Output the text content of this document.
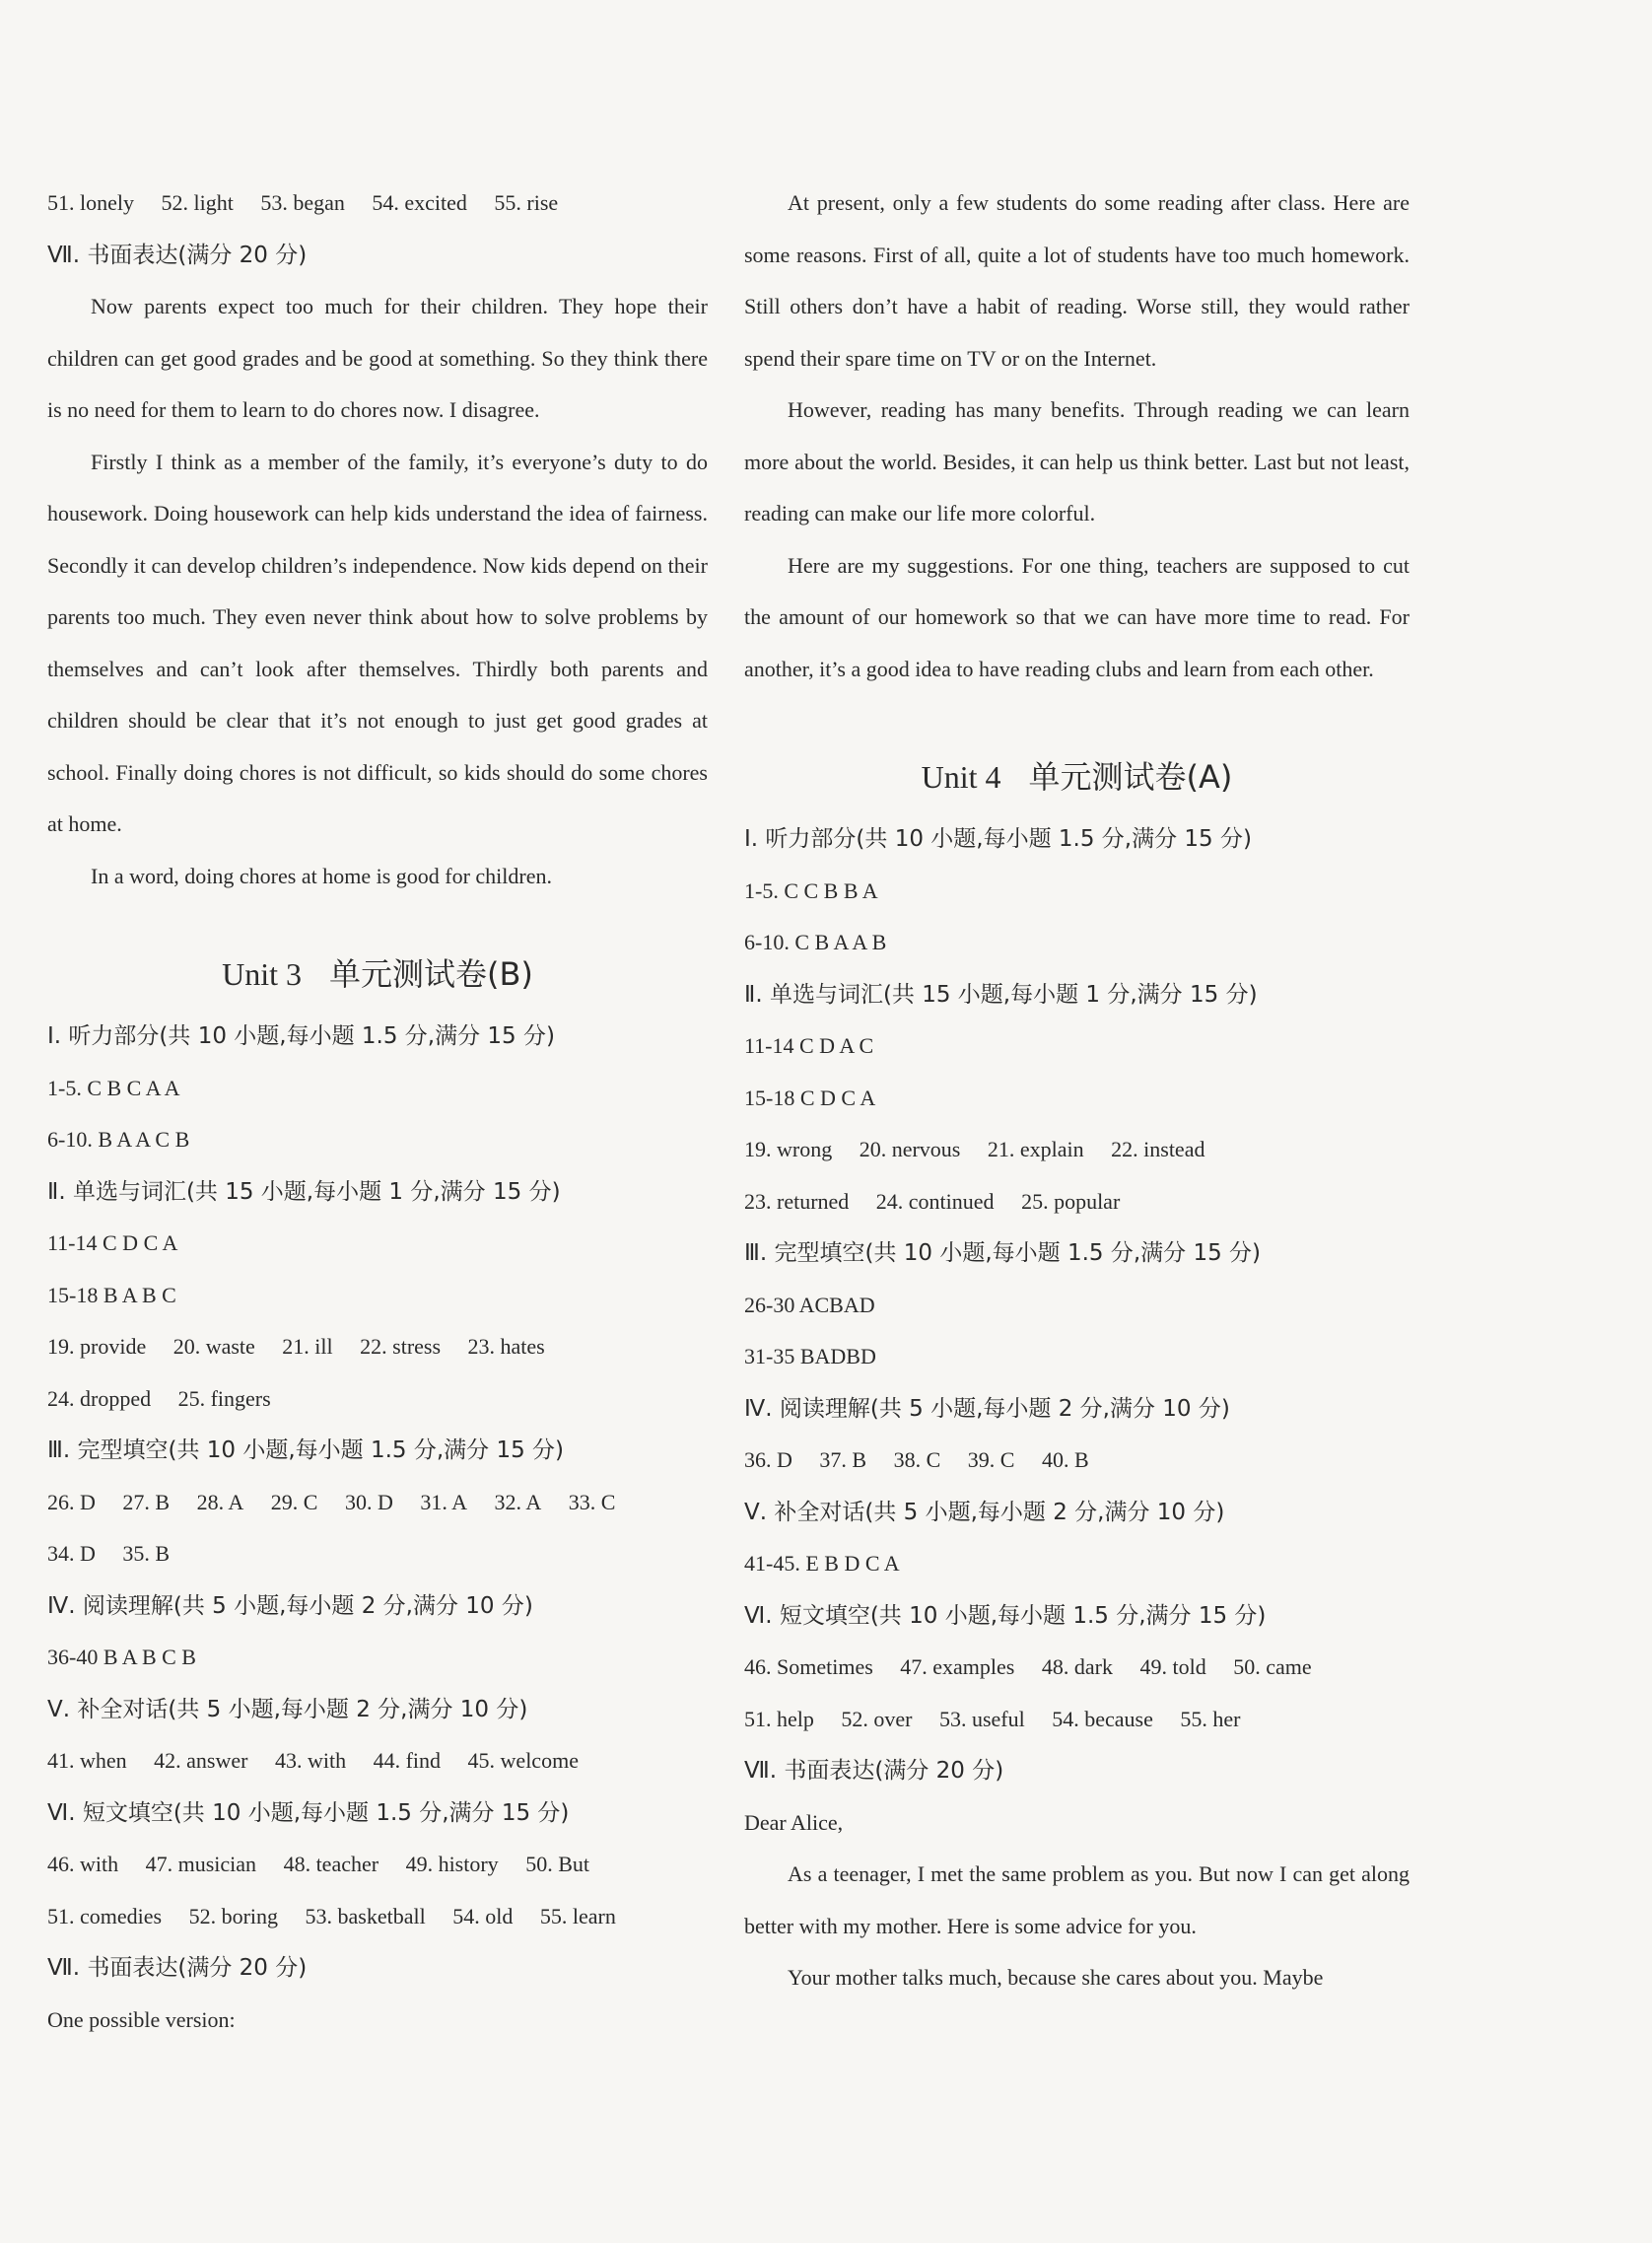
51. lonely 52. light 53. began 54. excited 55. rise
Ⅶ. 书面表达(满分 20 分)

Now parents expect too much for their children. They hope their children can get good grades and be good at something. So they think there is no need for them to learn to do chores now. I disagree.

Firstly I think as a member of the family, it’s everyone’s duty to do housework. Doing housework can help kids understand the idea of fairness. Secondly it can develop children’s independence. Now kids depend on their parents too much. They even never think about how to solve problems by themselves and can’t look after themselves. Thirdly both parents and children should be clear that it’s not enough to just get good grades at school. Finally doing chores is not difficult, so kids should do some chores at home.

In a word, doing chores at home is good for children.

Unit 3 单元测试卷(B)
Ⅰ. 听力部分(共 10 小题,每小题 1.5 分,满分 15 分)
1-5. C B C A A
6-10. B A A C B
Ⅱ. 单选与词汇(共 15 小题,每小题 1 分,满分 15 分)
11-14 C D C A
15-18 B A B C
19. provide 20. waste 21. ill 22. stress 23. hates
24. dropped 25. fingers
Ⅲ. 完型填空(共 10 小题,每小题 1.5 分,满分 15 分)
26. D 27. B 28. A 29. C 30. D 31. A 32. A 33. C
34. D 35. B
Ⅳ. 阅读理解(共 5 小题,每小题 2 分,满分 10 分)
36-40 B A B C B
Ⅴ. 补全对话(共 5 小题,每小题 2 分,满分 10 分)
41. when 42. answer 43. with 44. find 45. welcome
Ⅵ. 短文填空(共 10 小题,每小题 1.5 分,满分 15 分)
46. with 47. musician 48. teacher 49. history 50. But
51. comedies 52. boring 53. basketball 54. old 55. learn
Ⅶ. 书面表达(满分 20 分)
One possible version:

At present, only a few students do some reading after class. Here are some reasons. First of all, quite a lot of students have too much homework. Still others don’t have a habit of reading. Worse still, they would rather spend their spare time on TV or on the Internet.

However, reading has many benefits. Through reading we can learn more about the world. Besides, it can help us think better. Last but not least, reading can make our life more colorful.

Here are my suggestions. For one thing, teachers are supposed to cut the amount of our homework so that we can have more time to read. For another, it’s a good idea to have reading clubs and learn from each other.

Unit 4 单元测试卷(A)
Ⅰ. 听力部分(共 10 小题,每小题 1.5 分,满分 15 分)
1-5. C C B B A
6-10. C B A A B
Ⅱ. 单选与词汇(共 15 小题,每小题 1 分,满分 15 分)
11-14 C D A C
15-18 C D C A
19. wrong 20. nervous 21. explain 22. instead
23. returned 24. continued 25. popular
Ⅲ. 完型填空(共 10 小题,每小题 1.5 分,满分 15 分)
26-30 ACBAD
31-35 BADBD
Ⅳ. 阅读理解(共 5 小题,每小题 2 分,满分 10 分)
36. D 37. B 38. C 39. C 40. B
Ⅴ. 补全对话(共 5 小题,每小题 2 分,满分 10 分)
41-45. E B D C A
Ⅵ. 短文填空(共 10 小题,每小题 1.5 分,满分 15 分)
46. Sometimes 47. examples 48. dark 49. told 50. came
51. help 52. over 53. useful 54. because 55. her
Ⅶ. 书面表达(满分 20 分)
Dear Alice,

As a teenager, I met the same problem as you. But now I can get along better with my mother. Here is some advice for you.

Your mother talks much, because she cares about you. Maybe
